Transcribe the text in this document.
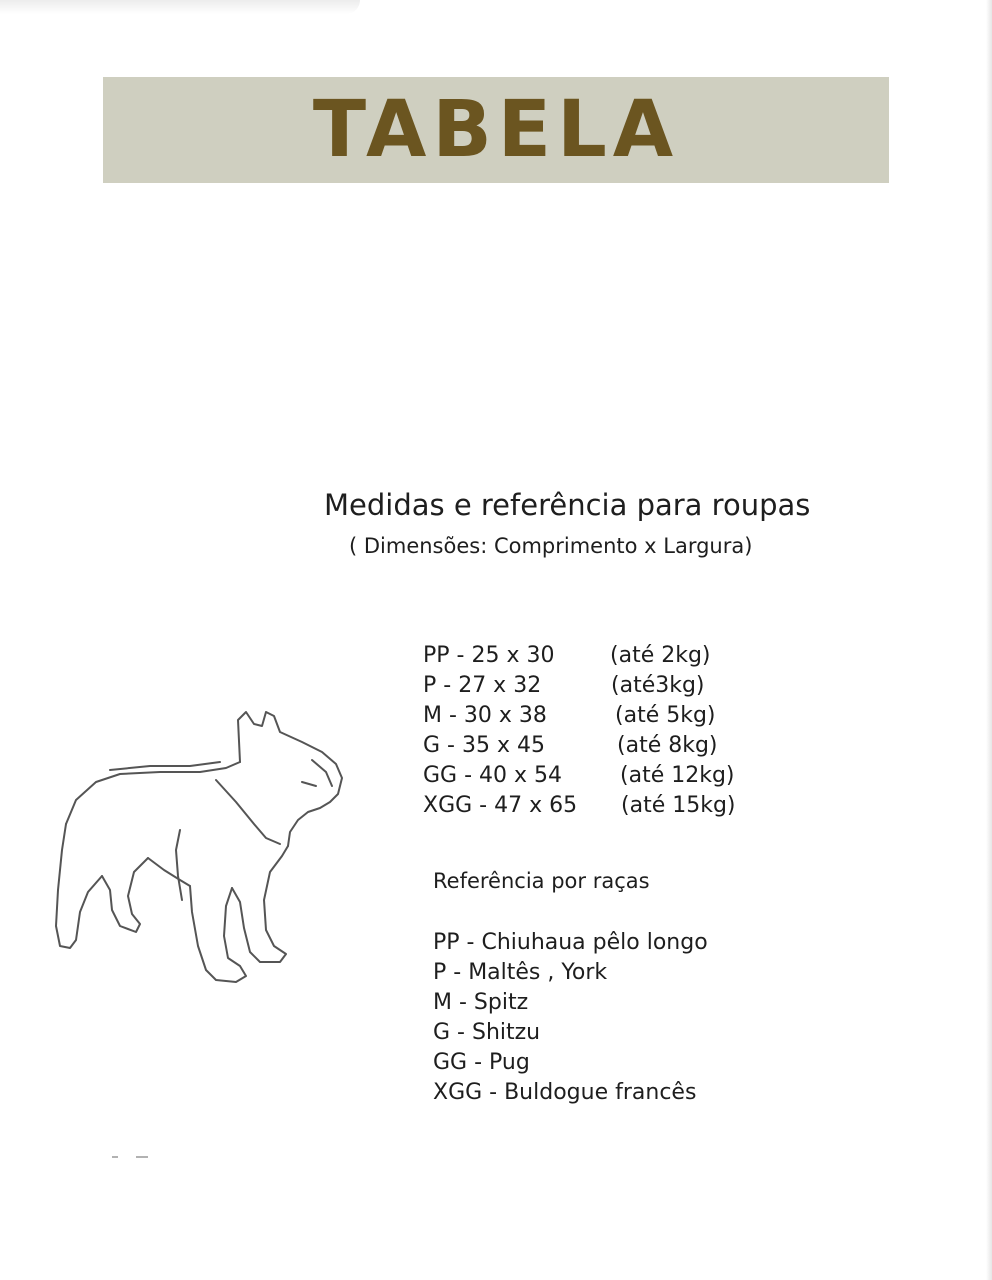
TABELA
Medidas e referência para roupas
( Dimensões: Comprimento x Largura)
PP - 25 x 30	(até 2kg)
P - 27 x 32	(até3kg)
M - 30 x 38	(até 5kg)
G - 35 x 45	(até 8kg)
GG - 40 x 54	(até 12kg)
XGG - 47 x 65 (até 15kg)
Referência por raças
PP - Chiuhaua pêlo longo
P - Maltês , York
M - Spitz
G - Shitzu
GG - Pug
XGG - Buldogue francês
